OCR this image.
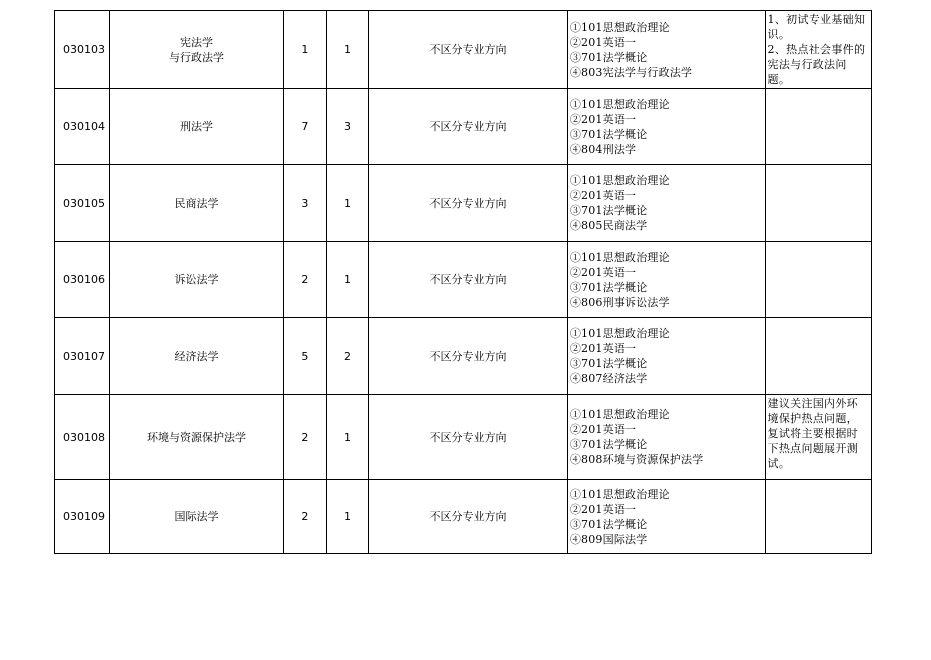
030103	宪法学
与行政法学	1	1	不区分专业方向	①101思想政治理论
②201英语一
③701法学概论
④803宪法学与行政法学	1、初试专业基础知识。
2、热点社会事件的宪法与行政法问题。
030104	刑法学	7	3	不区分专业方向	①101思想政治理论
②201英语一
③701法学概论
④804刑法学	

030105	民商法学	3	1	不区分专业方向	①101思想政治理论
②201英语一
③701法学概论
④805民商法学	

030106	诉讼法学	2	1	不区分专业方向	①101思想政治理论
②201英语一
③701法学概论
④806刑事诉讼法学	

030107	经济法学	5	2	不区分专业方向	①101思想政治理论
②201英语一
③701法学概论
④807经济法学	

030108	环境与资源保护法学	2	1	不区分专业方向	①101思想政治理论
②201英语一
③701法学概论
④808环境与资源保护法学	建议关注国内外环境保护热点问题，复试将主要根据时下热点问题展开测试。
030109	国际法学	2	1	不区分专业方向	①101思想政治理论
②201英语一
③701法学概论
④809国际法学	
